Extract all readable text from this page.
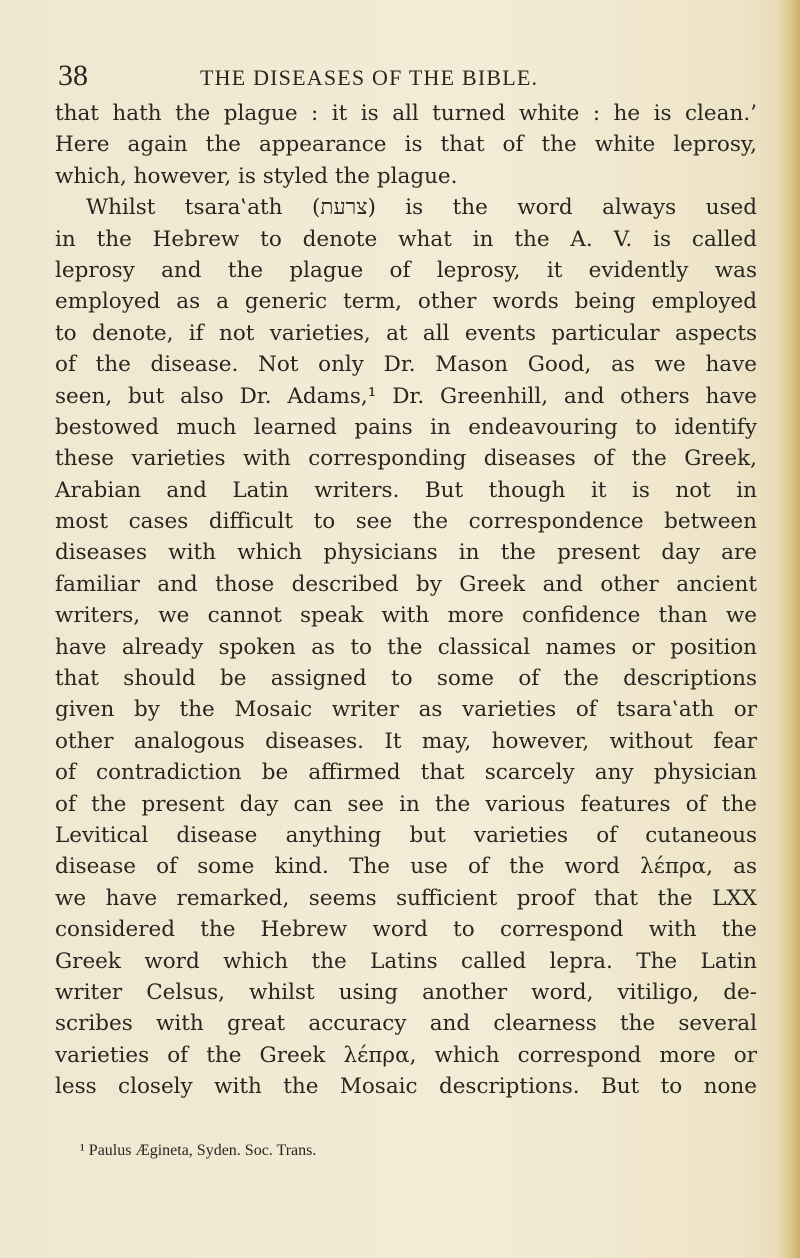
38	THE DISEASES OF THE BIBLE.
that hath the plague : it is all turned white : he is clean.’
Here again the appearance is that of the white leprosy,
which, however, is styled the plague.
Whilst tsara‛ath (צרעת) is the word always used
in the Hebrew to denote what in the A. V. is called
leprosy and the plague of leprosy, it evidently was
employed as a generic term, other words being employed
to denote, if not varieties, at all events particular aspects
of the disease. Not only Dr. Mason Good, as we have
seen, but also Dr. Adams,¹ Dr. Greenhill, and others have
bestowed much learned pains in endeavouring to identify
these varieties with corresponding diseases of the Greek,
Arabian and Latin writers. But though it is not in
most cases difficult to see the correspondence between
diseases with which physicians in the present day are
familiar and those described by Greek and other ancient
writers, we cannot speak with more confidence than we
have already spoken as to the classical names or position
that should be assigned to some of the descriptions
given by the Mosaic writer as varieties of tsara‛ath or
other analogous diseases. It may, however, without fear
of contradiction be affirmed that scarcely any physician
of the present day can see in the various features of the
Levitical disease anything but varieties of cutaneous
disease of some kind. The use of the word λέπρα, as
we have remarked, seems sufficient proof that the LXX
considered the Hebrew word to correspond with the
Greek word which the Latins called lepra. The Latin
writer Celsus, whilst using another word, vitiligo, de-
scribes with great accuracy and clearness the several
varieties of the Greek λέπρα, which correspond more or
less closely with the Mosaic descriptions. But to none
¹ Paulus Ægineta, Syden. Soc. Trans.
